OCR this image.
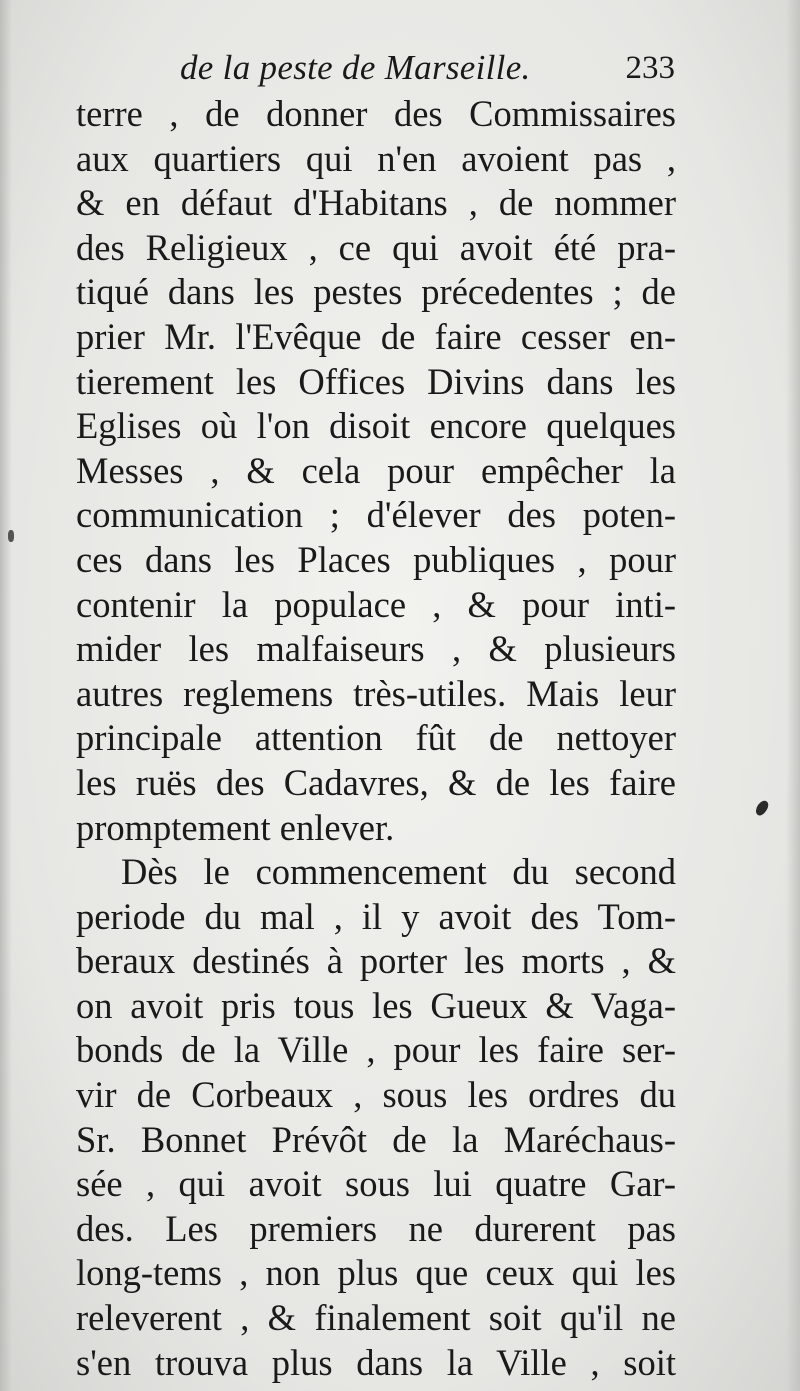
de la peste de Marseille.	233
terre , de donner des Commissaires
aux quartiers qui n'en avoient pas ,
& en défaut d'Habitans , de nommer
des Religieux , ce qui avoit été pra-
tiqué dans les pestes précedentes ; de
prier Mr. l'Evêque de faire cesser en-
tierement les Offices Divins dans les
Eglises où l'on disoit encore quelques
Messes , & cela pour empêcher la
communication ; d'élever des poten-
ces dans les Places publiques , pour
contenir la populace , & pour inti-
mider les malfaiseurs , & plusieurs
autres reglemens très-utiles. Mais leur
principale attention fût de nettoyer
les ruës des Cadavres, & de les faire
promptement enlever.
Dès le commencement du second
periode du mal , il y avoit des Tom-
beraux destinés à porter les morts , &
on avoit pris tous les Gueux & Vaga-
bonds de la Ville , pour les faire ser-
vir de Corbeaux , sous les ordres du
Sr. Bonnet Prévôt de la Maréchaus-
sée , qui avoit sous lui quatre Gar-
des. Les premiers ne durerent pas
long-tems , non plus que ceux qui les
releverent , & finalement soit qu'il ne
s'en trouva plus dans la Ville , soit
